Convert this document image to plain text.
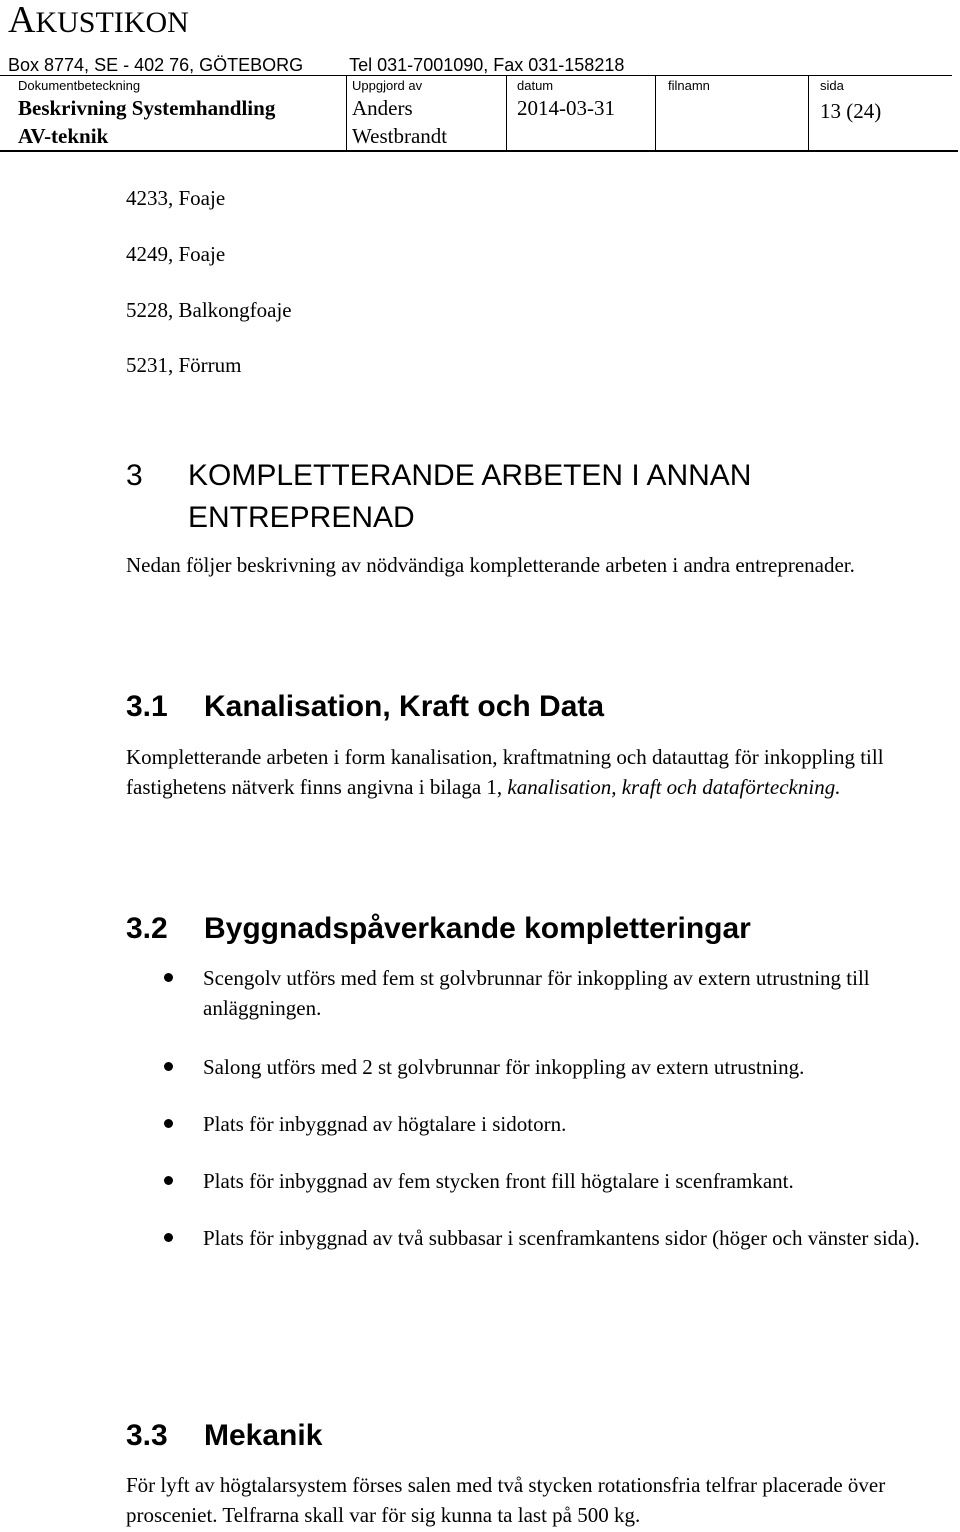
AKUSTIKON
Box 8774, SE - 402 76, GÖTEBORG	Tel 031-7001090, Fax 031-158218
Dokumentbeteckning
Beskrivning Systemhandling
AV-teknik
Uppgjord av
Anders
Westbrandt
datum
2014-03-31
filnamn	sida
13 (24)
4233, Foaje
4249, Foaje
5228, Balkongfoaje
5231, Förrum
3 KOMPLETTERANDE ARBETEN I ANNAN
ENTREPRENAD
Nedan följer beskrivning av nödvändiga kompletterande arbeten i andra entreprenader.
3.1 Kanalisation, Kraft och Data
Kompletterande arbeten i form kanalisation, kraftmatning och datauttag för inkoppling till fastighetens nätverk finns angivna i bilaga 1, kanalisation, kraft och dataförteckning.
3.2 Byggnadspåverkande kompletteringar
Scengolv utförs med fem st golvbrunnar för inkoppling av extern utrustning till anläggningen.
Salong utförs med 2 st golvbrunnar för inkoppling av extern utrustning.
Plats för inbyggnad av högtalare i sidotorn.
Plats för inbyggnad av fem stycken front fill högtalare i scenframkant.
Plats för inbyggnad av två subbasar i scenframkantens sidor (höger och vänster sida).
3.3 Mekanik
För lyft av högtalarsystem förses salen med två stycken rotationsfria telfrar placerade över prosceniet. Telfrarna skall var för sig kunna ta last på 500 kg.
